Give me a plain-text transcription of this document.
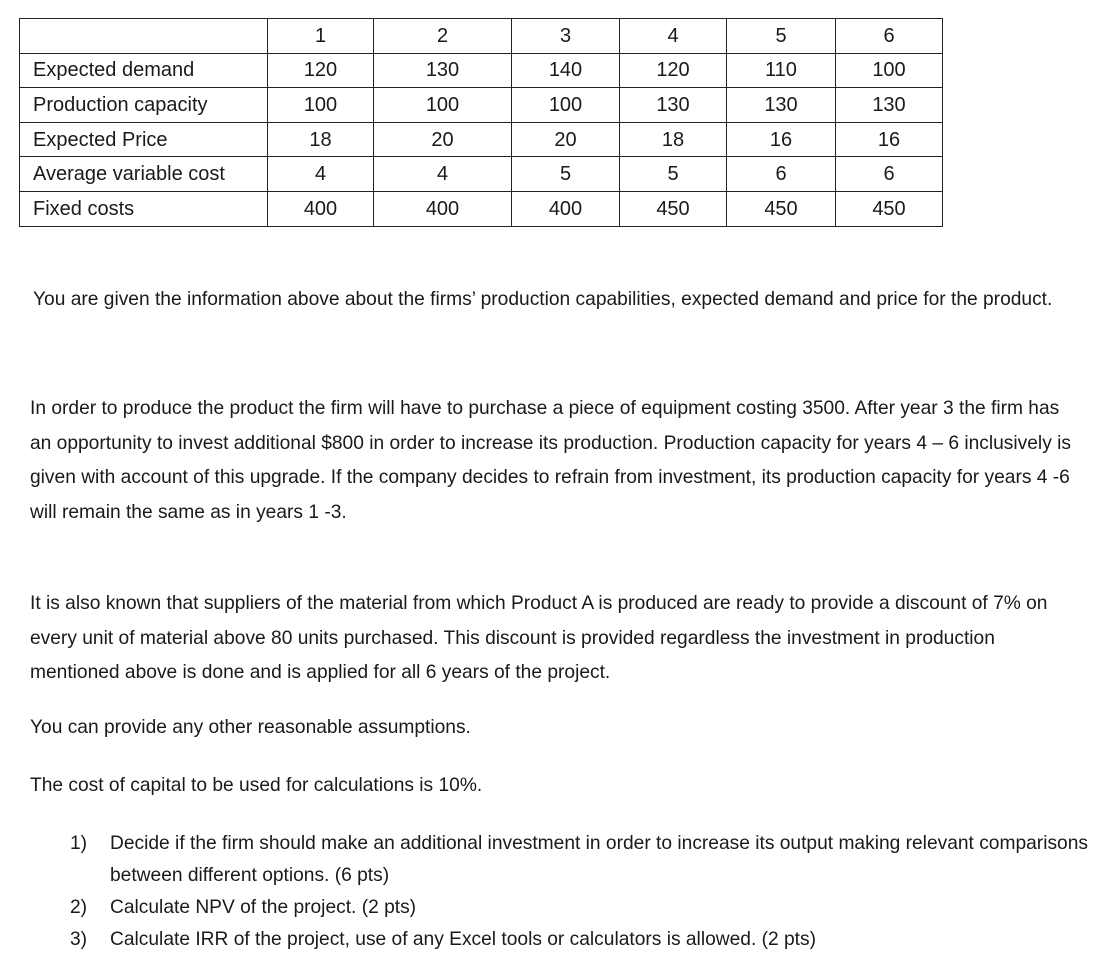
	1	2	3	4	5	6
Expected demand	120	130	140	120	110	100
Production capacity	100	100	100	130	130	130
Expected Price	18	20	20	18	16	16
Average variable cost	4	4	5	5	6	6
Fixed costs	400	400	400	450	450	450

You are given the information above about the firms’ production capabilities, expected demand and price for the product.

In order to produce the product the firm will have to purchase a piece of equipment costing 3500. After year 3 the firm has an opportunity to invest additional $800 in order to increase its production. Production capacity for years 4 – 6 inclusively is given with account of this upgrade. If the company decides to refrain from investment, its production capacity for years 4 -6 will remain the same as in years 1 -3.

It is also known that suppliers of the material from which Product A is produced are ready to provide a discount of 7% on every unit of material above 80 units purchased. This discount is provided regardless the investment in production mentioned above is done and is applied for all 6 years of the project.

You can provide any other reasonable assumptions.

The cost of capital to be used for calculations is 10%.

1)	Decide if the firm should make an additional investment in order to increase its output making relevant comparisons between different options. (6 pts)
2)	Calculate NPV of the project. (2 pts)
3)	Calculate IRR of the project, use of any Excel tools or calculators is allowed. (2 pts)
